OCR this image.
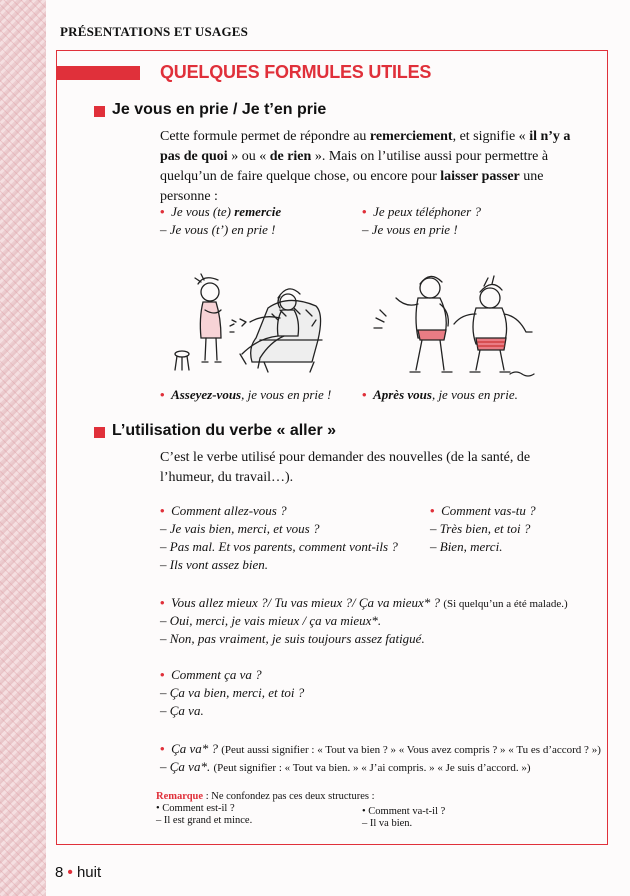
PRÉSENTATIONS ET USAGES
QUELQUES FORMULES UTILES
Je vous en prie / Je t’en prie
Cette formule permet de répondre au remerciement, et signifie « il n’y a pas de quoi » ou « de rien ». Mais on l’utilise aussi pour permettre à quelqu’un de faire quelque chose, ou encore pour laisser passer une personne :
• Je vous (te) remercie
– Je vous (t’) en prie !
• Je peux téléphoner ?
– Je vous en prie !
• Asseyez-vous, je vous en prie ! • Après vous, je vous en prie.
L’utilisation du verbe « aller »
C’est le verbe utilisé pour demander des nouvelles (de la santé, de l’humeur, du travail…).
• Comment allez-vous ?
– Je vais bien, merci, et vous ?
– Pas mal. Et vos parents, comment vont-ils ?
– Ils vont assez bien.
• Comment vas-tu ?
– Très bien, et toi ?
– Bien, merci.
• Vous allez mieux ?/ Tu vas mieux ?/ Ça va mieux* ? (Si quelqu’un a été malade.)
– Oui, merci, je vais mieux / ça va mieux*.
– Non, pas vraiment, je suis toujours assez fatigué.
• Comment ça va ?
– Ça va bien, merci, et toi ?
– Ça va.
• Ça va* ? (Peut aussi signifier : « Tout va bien ? » « Vous avez compris ? » « Tu es d’accord ? »)
– Ça va*. (Peut signifier : « Tout va bien. » « J’ai compris. » « Je suis d’accord. »)
Remarque : Ne confondez pas ces deux structures :
• Comment est-il ?
– Il est grand et mince.
• Comment va-t-il ?
– Il va bien.
8 • huit
